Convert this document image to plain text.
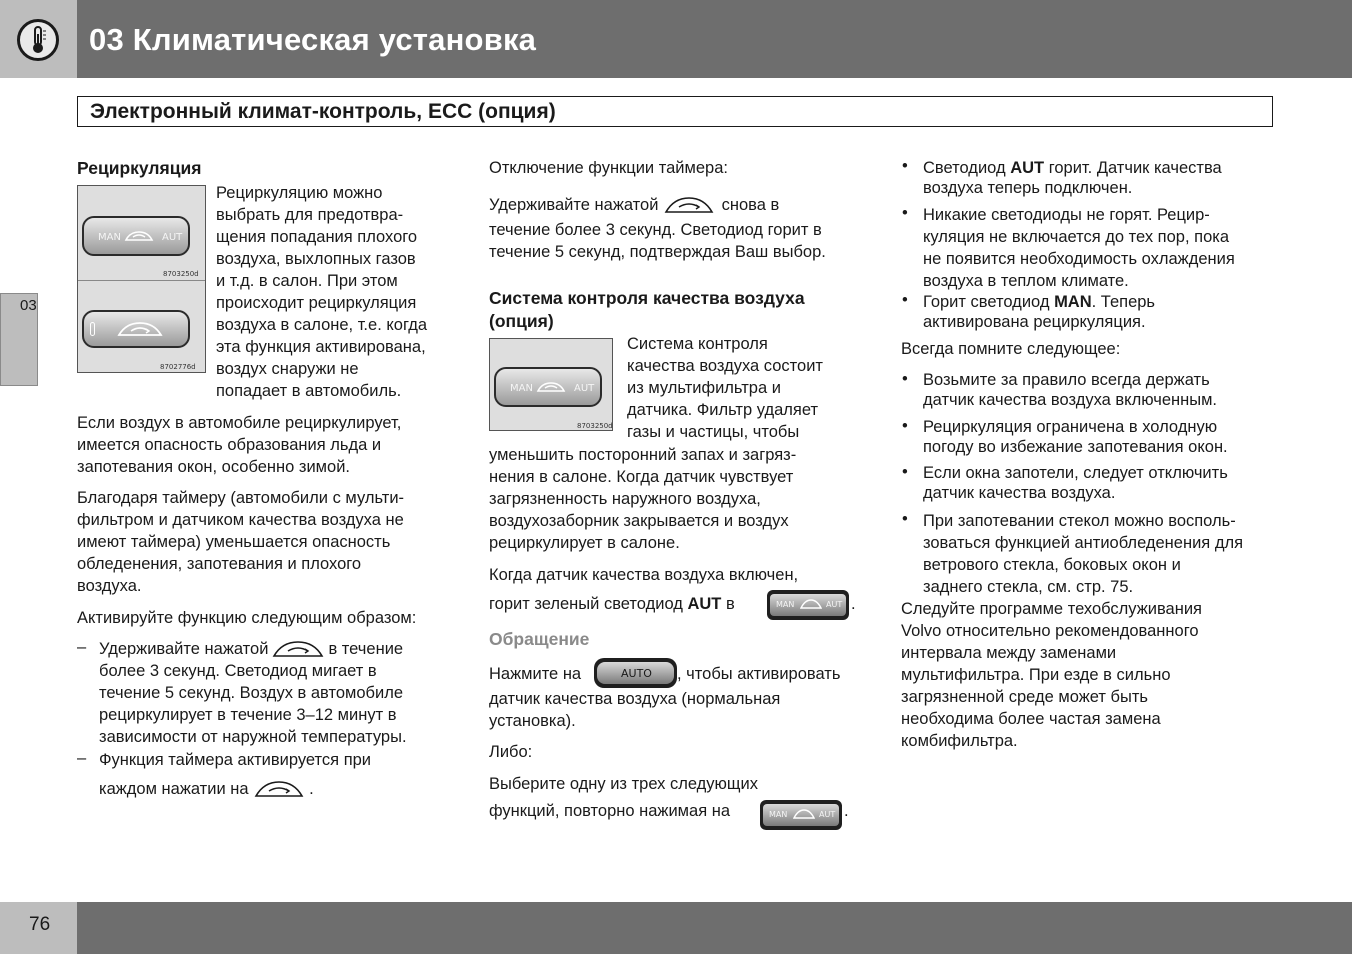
03 Климатическая установка
Электронный климат-контроль, ECC (опция)
03
Рециркуляция
MAN	AUT
8703250d
8702776d
Рециркуляцию можно
выбрать для предотвра-
щения попадания плохого
воздуха, выхлопных газов
и т.д. в салон. При этом
происходит рециркуляция
воздуха в салоне, т.е. когда
эта функция активирована,
воздух снаружи не
попадает в автомобиль.
Если воздух в автомобиле рециркулирует,
имеется опасность образования льда и
запотевания окон, особенно зимой.
Благодаря таймеру (автомобили с мульти-
фильтром и датчиком качества воздуха не
имеют таймера) уменьшается опасность
обледенения, запотевания и плохого
воздуха.
Активируйте функцию следующим образом:
– Удерживайте нажатой	в течение
более 3 секунд. Светодиод мигает в
течение 5 секунд. Воздух в автомобиле
рециркулирует в течение 3–12 минут в
зависимости от наружной температуры.
– Функция таймера активируется при
каждом нажатии на	.
Отключение функции таймера:
Удерживайте нажатой	снова в
течение более 3 секунд. Светодиод горит в
течение 5 секунд, подтверждая Ваш выбор.
Система контроля качества воздуха
(опция)
MAN	AUT
8703250d
Система контроля
качества воздуха состоит
из мультифильтра и
датчика. Фильтр удаляет
газы и частицы, чтобы
уменьшить посторонний запах и загряз-
нения в салоне. Когда датчик чувствует
загрязненность наружного воздуха,
воздухозаборник закрывается и воздух
рециркулирует в салоне.
Когда датчик качества воздуха включен,
горит зеленый светодиод AUT в	MAN	AUT .
Обращение
Нажмите на	AUTO , чтобы активировать
датчик качества воздуха (нормальная
установка).
Либо:
Выберите одну из трех следующих
функций, повторно нажимая на	MAN	AUT .
• Светодиод AUT горит. Датчик качества
воздуха теперь подключен.
• Никакие светодиоды не горят. Рецир-
куляция не включается до тех пор, пока
не появится необходимость охлаждения
воздуха в теплом климате.
• Горит светодиод MAN. Теперь
активирована рециркуляция.
Всегда помните следующее:
• Возьмите за правило всегда держать
датчик качества воздуха включенным.
• Рециркуляция ограничена в холодную
погоду во избежание запотевания окон.
• Если окна запотели, следует отключить
датчик качества воздуха.
• При запотевании стекол можно восполь-
зоваться функцией антиобледенения для
ветрового стекла, боковых окон и
заднего стекла, см. стр. 75.
Следуйте программе техобслуживания
Volvo относительно рекомендованного
интервала между заменами
мультифильтра. При езде в сильно
загрязненной среде может быть
необходима более частая замена
комбифильтра.
76
